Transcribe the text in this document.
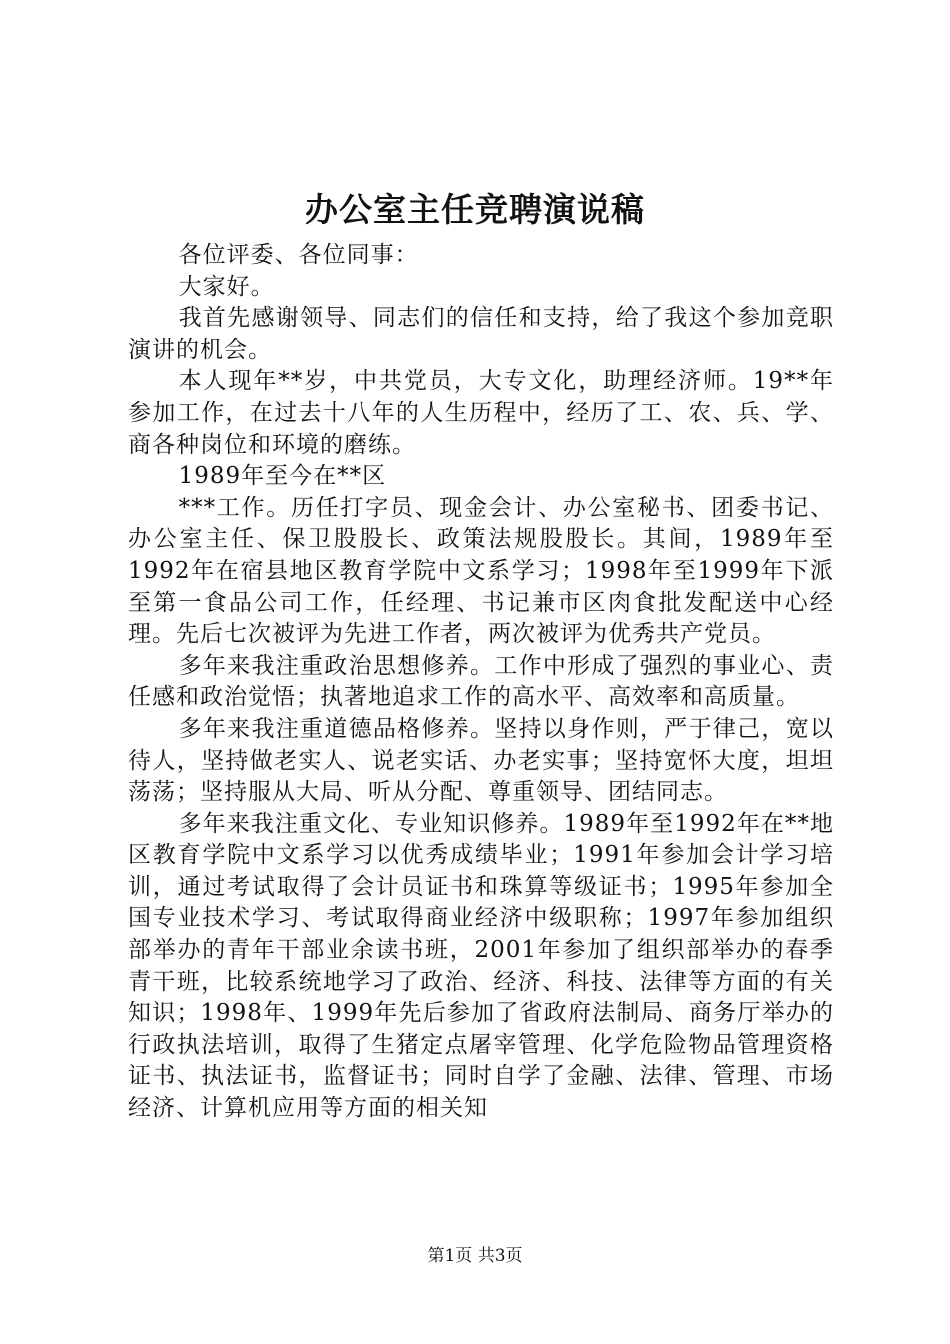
办公室主任竞聘演说稿

各位评委、各位同事：

大家好。

我首先感谢领导、同志们的信任和支持，给了我这个参加竞职演讲的机会。

本人现年**岁，中共党员，大专文化，助理经济师。19**年参加工作，在过去十八年的人生历程中，经历了工、农、兵、学、商各种岗位和环境的磨练。

1989年至今在**区

***工作。历任打字员、现金会计、办公室秘书、团委书记、办公室主任、保卫股股长、政策法规股股长。其间，1989年至1992年在宿县地区教育学院中文系学习；1998年至1999年下派至第一食品公司工作，任经理、书记兼市区肉食批发配送中心经理。先后七次被评为先进工作者，两次被评为优秀共产党员。

多年来我注重政治思想修养。工作中形成了强烈的事业心、责任感和政治觉悟；执著地追求工作的高水平、高效率和高质量。

多年来我注重道德品格修养。坚持以身作则，严于律己，宽以待人，坚持做老实人、说老实话、办老实事；坚持宽怀大度，坦坦荡荡；坚持服从大局、听从分配、尊重领导、团结同志。

多年来我注重文化、专业知识修养。1989年至1992年在**地区教育学院中文系学习以优秀成绩毕业；1991年参加会计学习培训，通过考试取得了会计员证书和珠算等级证书；1995年参加全国专业技术学习、考试取得商业经济中级职称；1997年参加组织部举办的青年干部业余读书班，2001年参加了组织部举办的春季青干班，比较系统地学习了政治、经济、科技、法律等方面的有关知识；1998年、1999年先后参加了省政府法制局、商务厅举办的行政执法培训，取得了生猪定点屠宰管理、化学危险物品管理资格证书、执法证书，监督证书；同时自学了金融、法律、管理、市场经济、计算机应用等方面的相关知

第1页 共3页
